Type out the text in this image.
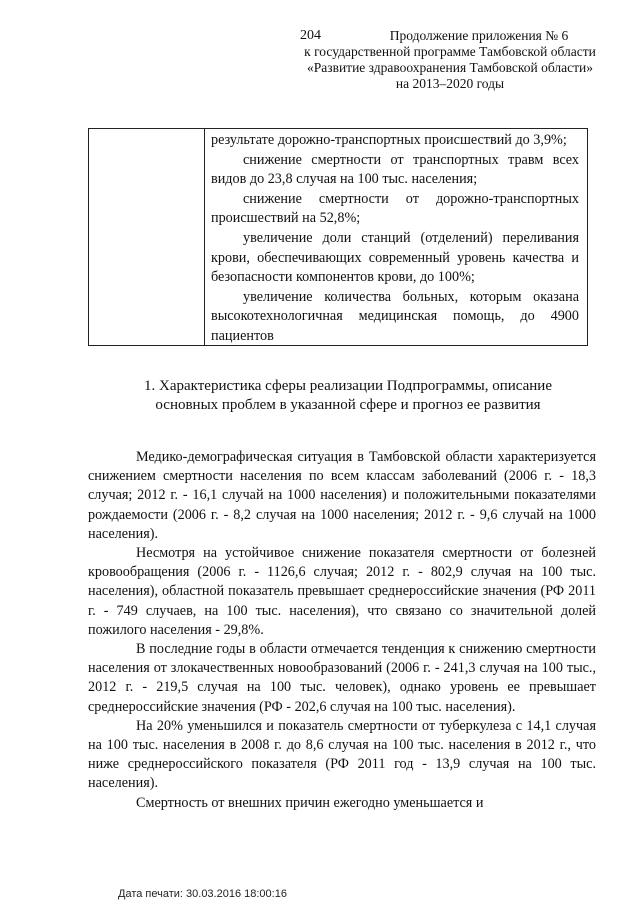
204	Продолжение приложения № 6
к государственной программе Тамбовской области
«Развитие здравоохранения Тамбовской области»
на 2013–2020 годы

результате дорожно-транспортных происшествий до 3,9%;

снижение смертности от транспортных травм всех видов до 23,8 случая на 100 тыс. населения;

снижение смертности от дорожно-транспортных происшествий на 52,8%;

увеличение доли станций (отделений) переливания крови, обеспечивающих современный уровень качества и безопасности компонентов крови, до 100%;

увеличение количества больных, которым оказана высокотехнологичная медицинская помощь, до 4900 пациентов

1. Характеристика сферы реализации Подпрограммы, описание
основных проблем в указанной сфере и прогноз ее развития

Медико-демографическая ситуация в Тамбовской области характеризуется снижением смертности населения по всем классам заболеваний (2006 г. - 18,3 случая; 2012 г. - 16,1 случай на 1000 населения) и положительными показателями рождаемости (2006 г. - 8,2 случая на 1000 населения; 2012 г. - 9,6 случай на 1000 населения).

Несмотря на устойчивое снижение показателя смертности от болезней кровообращения (2006 г. - 1126,6 случая; 2012 г. - 802,9 случая на 100 тыс. населения), областной показатель превышает среднероссийские значения (РФ 2011 г. - 749 случаев, на 100 тыс. населения), что связано со значительной долей пожилого населения - 29,8%.

В последние годы в области отмечается тенденция к снижению смертности населения от злокачественных новообразований (2006 г. - 241,3 случая на 100 тыс., 2012 г. - 219,5 случая на 100 тыс. человек), однако уровень ее превышает среднероссийские значения (РФ - 202,6 случая на 100 тыс. населения).

На 20% уменьшился и показатель смертности от туберкулеза с 14,1 случая на 100 тыс. населения в 2008 г. до 8,6 случая на 100 тыс. населения в 2012 г., что ниже среднероссийского показателя (РФ 2011 год - 13,9 случая на 100 тыс. населения).

Смертность от внешних причин ежегодно уменьшается и

Дата печати: 30.03.2016 18:00:16
